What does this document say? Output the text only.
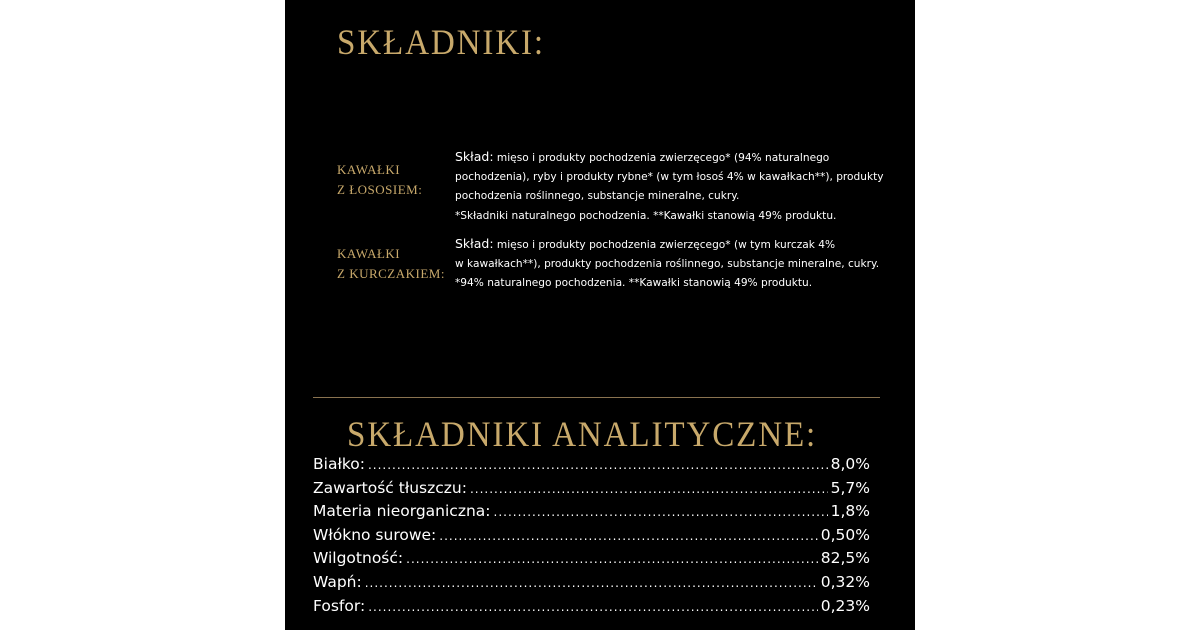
SKŁADNIKI:
KAWAŁKI
Z ŁOSOSIEM:
Skład: mięso i produkty pochodzenia zwierzęcego* (94% naturalnego
pochodzenia), ryby i produkty rybne* (w tym łosoś 4% w kawałkach**), produkty
pochodzenia roślinnego, substancje mineralne, cukry.
*Składniki naturalnego pochodzenia. **Kawałki stanowią 49% produktu.
KAWAŁKI
Z KURCZAKIEM:
Skład: mięso i produkty pochodzenia zwierzęcego* (w tym kurczak 4%
w kawałkach**), produkty pochodzenia roślinnego, substancje mineralne, cukry.
*94% naturalnego pochodzenia. **Kawałki stanowią 49% produktu.
SKŁADNIKI ANALITYCZNE:
Białko: .....	8,0%
Zawartość tłuszczu: .....	5,7%
Materia nieorganiczna: .....	1,8%
Włókno surowe: .....	0,50%
Wilgotność: .....	82,5%
Wapń: .....	0,32%
Fosfor: .....	0,23%
